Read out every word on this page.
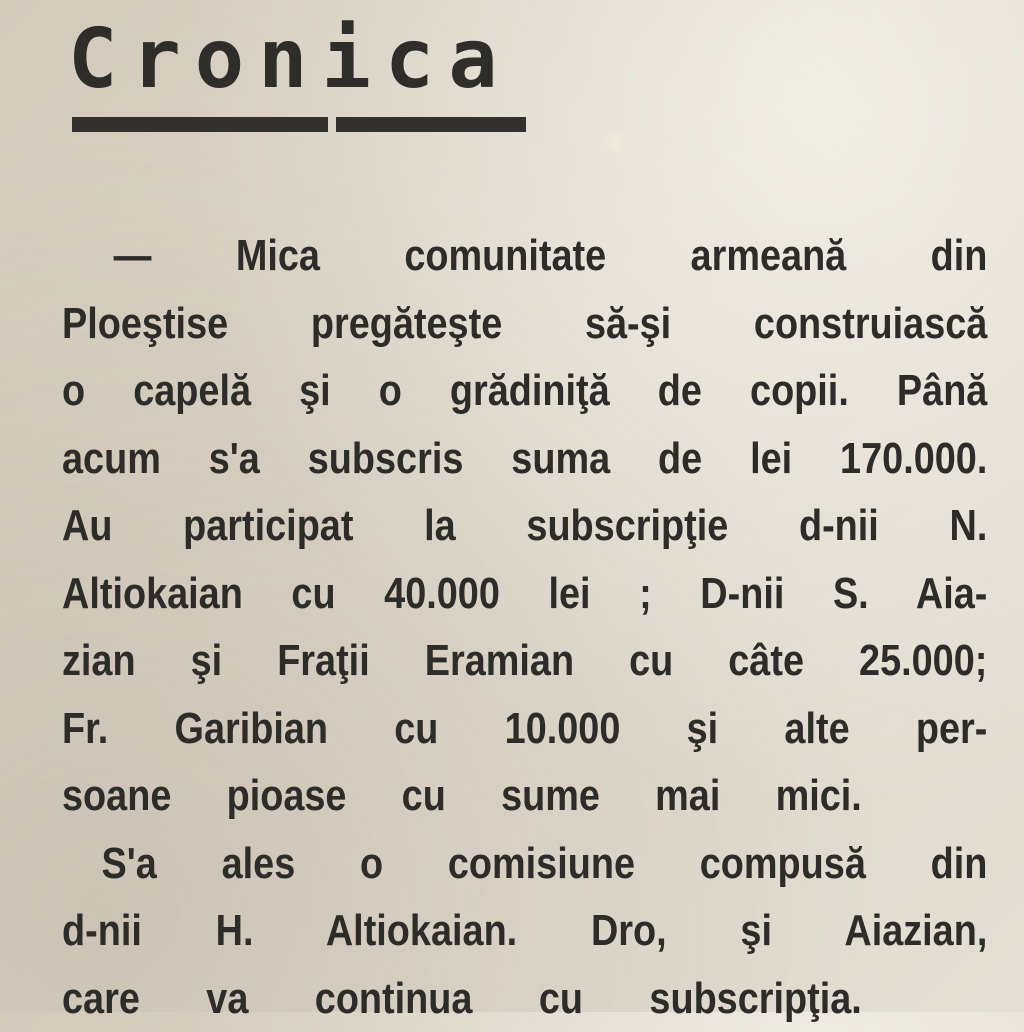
Cronica
— Mica comunitate armeană din
Ploeştise pregăteşte să-şi construiască
o capelă şi o grădiniţă de copii. Până
acum s'a subscris suma de lei 170.000.
Au participat la subscripţie d-nii N.
Altiokaian cu 40.000 lei ; D-nii S. Aia-
zian şi Fraţii Eramian cu câte 25.000;
Fr. Garibian cu 10.000 şi alte per-
soane pioase cu sume mai mici.
S'a ales o comisiune compusă din
d-nii H. Altiokaian. Dro, şi Aiazian,
care va continua cu subscripţia.
